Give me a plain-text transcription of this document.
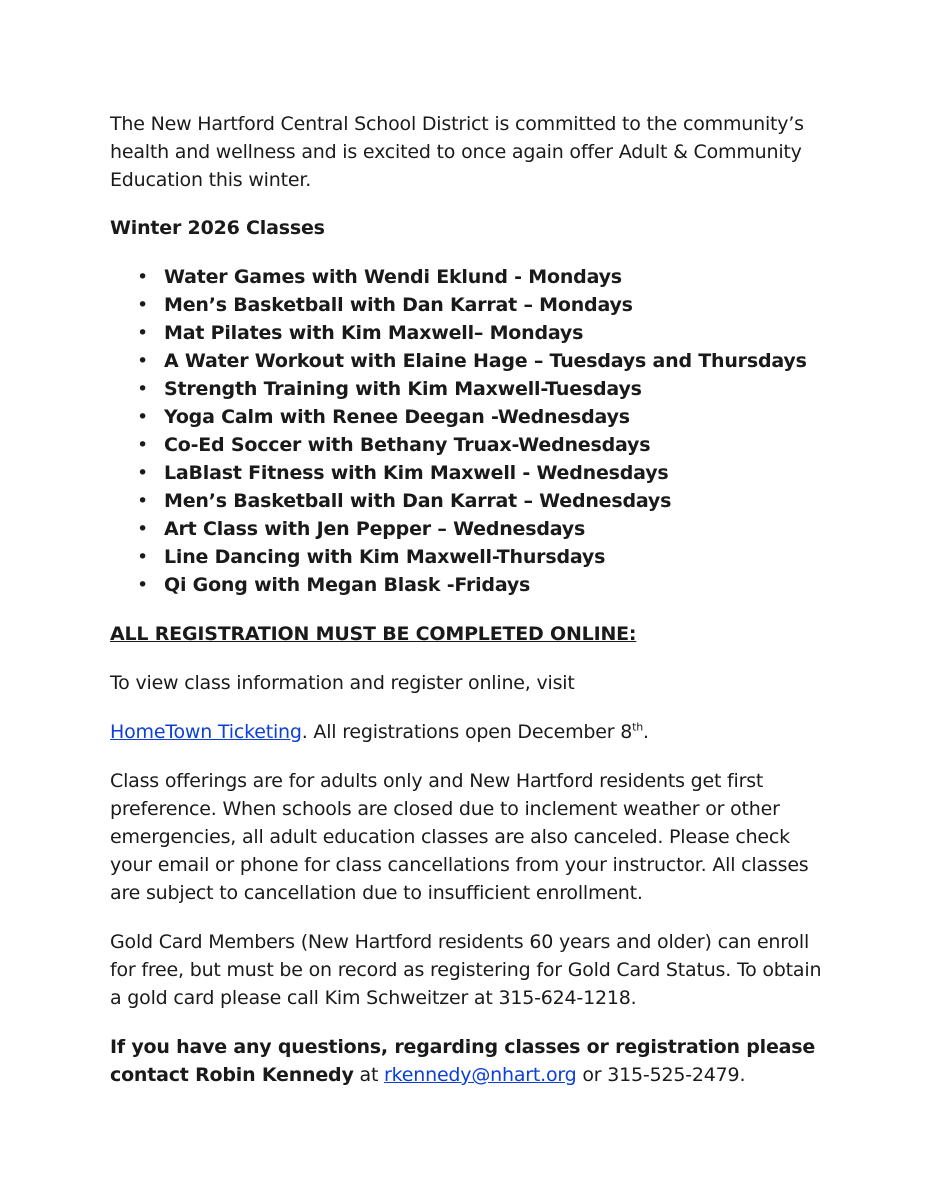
The New Hartford Central School District is committed to the community’s health and wellness and is excited to once again offer Adult & Community Education this winter.

Winter 2026 Classes

• Water Games with Wendi Eklund - Mondays
• Men’s Basketball with Dan Karrat – Mondays
• Mat Pilates with Kim Maxwell– Mondays
• A Water Workout with Elaine Hage – Tuesdays and Thursdays
• Strength Training with Kim Maxwell-Tuesdays
• Yoga Calm with Renee Deegan -Wednesdays
• Co-Ed Soccer with Bethany Truax-Wednesdays
• LaBlast Fitness with Kim Maxwell - Wednesdays
• Men’s Basketball with Dan Karrat – Wednesdays
• Art Class with Jen Pepper – Wednesdays
• Line Dancing with Kim Maxwell-Thursdays
• Qi Gong with Megan Blask -Fridays

ALL REGISTRATION MUST BE COMPLETED ONLINE:

To view class information and register online, visit

HomeTown Ticketing. All registrations open December 8th.

Class offerings are for adults only and New Hartford residents get first preference. When schools are closed due to inclement weather or other emergencies, all adult education classes are also canceled. Please check your email or phone for class cancellations from your instructor. All classes are subject to cancellation due to insufficient enrollment.

Gold Card Members (New Hartford residents 60 years and older) can enroll for free, but must be on record as registering for Gold Card Status. To obtain a gold card please call Kim Schweitzer at 315-624-1218.

If you have any questions, regarding classes or registration please contact Robin Kennedy at rkennedy@nhart.org or 315-525-2479.
